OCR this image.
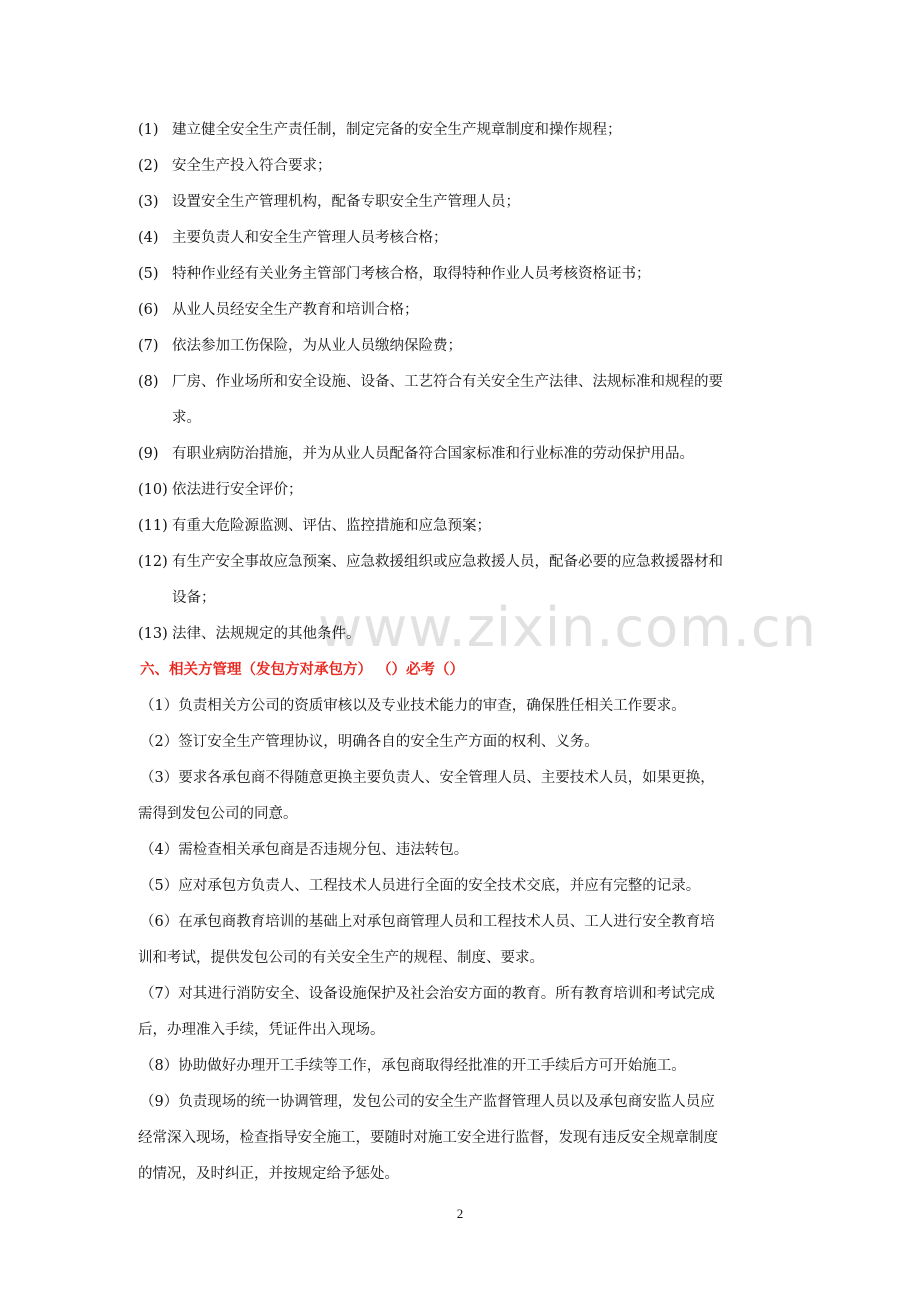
www.zixin.com.cn
(1) 建立健全安全生产责任制，制定完备的安全生产规章制度和操作规程；
(2) 安全生产投入符合要求；
(3) 设置安全生产管理机构，配备专职安全生产管理人员；
(4) 主要负责人和安全生产管理人员考核合格；
(5) 特种作业经有关业务主管部门考核合格，取得特种作业人员考核资格证书；
(6) 从业人员经安全生产教育和培训合格；
(7) 依法参加工伤保险，为从业人员缴纳保险费；
(8) 厂房、作业场所和安全设施、设备、工艺符合有关安全生产法律、法规标准和规程的要
求。
(9) 有职业病防治措施，并为从业人员配备符合国家标准和行业标准的劳动保护用品。
(10) 依法进行安全评价；
(11) 有重大危险源监测、评估、监控措施和应急预案；
(12) 有生产安全事故应急预案、应急救援组织或应急救援人员，配备必要的应急救援器材和
设备；
(13) 法律、法规规定的其他条件。
六、相关方管理（发包方对承包方） （）必考（）
（1）负责相关方公司的资质审核以及专业技术能力的审查，确保胜任相关工作要求。
（2）签订安全生产管理协议，明确各自的安全生产方面的权利、义务。
（3）要求各承包商不得随意更换主要负责人、安全管理人员、主要技术人员，如果更换，
需得到发包公司的同意。
（4）需检查相关承包商是否违规分包、违法转包。
（5）应对承包方负责人、工程技术人员进行全面的安全技术交底，并应有完整的记录。
（6）在承包商教育培训的基础上对承包商管理人员和工程技术人员、工人进行安全教育培
训和考试，提供发包公司的有关安全生产的规程、制度、要求。
（7）对其进行消防安全、设备设施保护及社会治安方面的教育。所有教育培训和考试完成
后，办理准入手续，凭证件出入现场。
（8）协助做好办理开工手续等工作，承包商取得经批准的开工手续后方可开始施工。
（9）负责现场的统一协调管理，发包公司的安全生产监督管理人员以及承包商安监人员应
经常深入现场，检查指导安全施工，要随时对施工安全进行监督，发现有违反安全规章制度
的情况，及时纠正，并按规定给予惩处。
2
